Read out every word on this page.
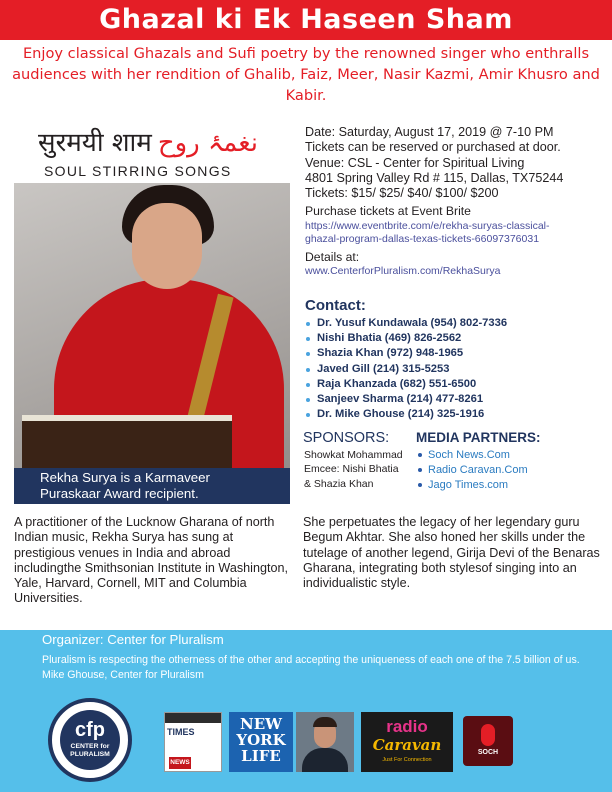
Ghazal ki Ek Haseen Sham

Enjoy classical Ghazals and Sufi poetry by the renowned singer who enthralls audiences with her rendition of Ghalib, Faiz, Meer, Nasir Kazmi, Amir Khusro and Kabir.

सुरमयी शाम نغمۂ روح
SOUL STIRRING SONGS
Rekha Surya is a Karmaveer
Puraskaar Award recipient.
Date: Saturday, August 17, 2019 @ 7-10 PM
Tickets can be reserved or purchased at door.
Venue: CSL - Center for Spiritual Living
4801 Spring Valley Rd # 115, Dallas, TX75244
Tickets: $15/ $25/ $40/ $100/ $200
Purchase tickets at Event Brite
https://www.eventbrite.com/e/rekha-suryas-classical-
ghazal-program-dallas-texas-tickets-66097376031
Details at:
www.CenterforPluralism.com/RekhaSurya
Contact:
Dr. Yusuf Kundawala (954) 802-7336
Nishi Bhatia (469) 826-2562
Shazia Khan (972) 948-1965
Javed Gill (214) 315-5253
Raja Khanzada (682) 551-6500
Sanjeev Sharma (214) 477-8261
Dr. Mike Ghouse (214) 325-1916
SPONSORS:
Showkat Mohammad
Emcee: Nishi Bhatia
& Shazia Khan
MEDIA PARTNERS:
Soch News.Com
Radio Caravan.Com
Jago Times.com

A practitioner of the Lucknow Gharana of north Indian music, Rekha Surya has sung at prestigious venues in India and abroad includingthe Smithsonian Institute in Washington, Yale, Harvard, Cornell, MIT and Columbia Universities.

She perpetuates the legacy of her legendary guru Begum Akhtar. She also honed her skills under the tutelage of another legend, Girija Devi of the Benaras Gharana, integrating both stylesof singing into an individualistic style.

Organizer: Center for Pluralism

Pluralism is respecting the otherness of the other and accepting the uniqueness of each one of the 7.5 billion of us. Mike Ghouse, Center for Pluralism

cfp
CENTER for
PLURALISM
TIMES
NEWS
NEW YORK LIFE
radio
Caravan
Just For Connection
SOCH
